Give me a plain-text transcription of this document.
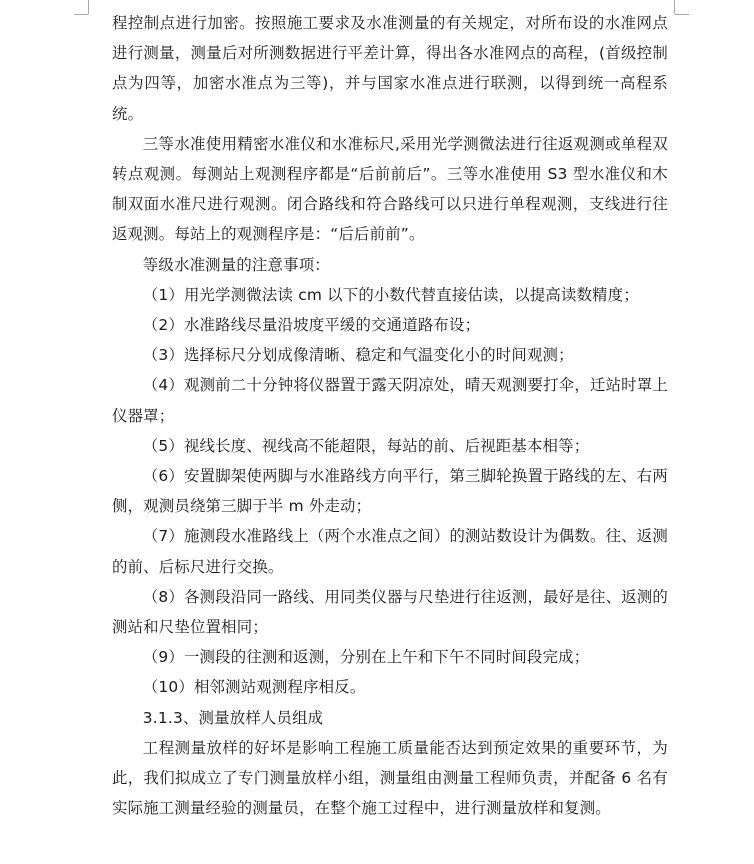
程控制点进行加密。按照施工要求及水准测量的有关规定，对所布设的水准网点进行测量，测量后对所测数据进行平差计算，得出各水准网点的高程，(首级控制点为四等，加密水准点为三等)，并与国家水准点进行联测，以得到统一高程系统。

三等水准使用精密水准仪和水准标尺,采用光学测微法进行往返观测或单程双转点观测。每测站上观测程序都是“后前前后”。三等水准使用 S3 型水准仪和木制双面水准尺进行观测。闭合路线和符合路线可以只进行单程观测，支线进行往返观测。每站上的观测程序是：“后后前前”。

等级水准测量的注意事项：

（1）用光学测微法读 cm 以下的小数代替直接估读，以提高读数精度；

（2）水准路线尽量沿坡度平缓的交通道路布设；

（3）选择标尺分划成像清晰、稳定和气温变化小的时间观测；

（4）观测前二十分钟将仪器置于露天阴凉处，晴天观测要打伞，迁站时罩上仪器罩；

（5）视线长度、视线高不能超限，每站的前、后视距基本相等；

（6）安置脚架使两脚与水准路线方向平行，第三脚轮换置于路线的左、右两侧，观测员绕第三脚于半 m 外走动；

（7）施测段水准路线上（两个水准点之间）的测站数设计为偶数。往、返测的前、后标尺进行交换。

（8）各测段沿同一路线、用同类仪器与尺垫进行往返测，最好是往、返测的测站和尺垫位置相同；

（9）一测段的往测和返测，分别在上午和下午不同时间段完成；

（10）相邻测站观测程序相反。

3.1.3、测量放样人员组成

工程测量放样的好坏是影响工程施工质量能否达到预定效果的重要环节，为此，我们拟成立了专门测量放样小组，测量组由测量工程师负责，并配备 6 名有实际施工测量经验的测量员，在整个施工过程中，进行测量放样和复测。
